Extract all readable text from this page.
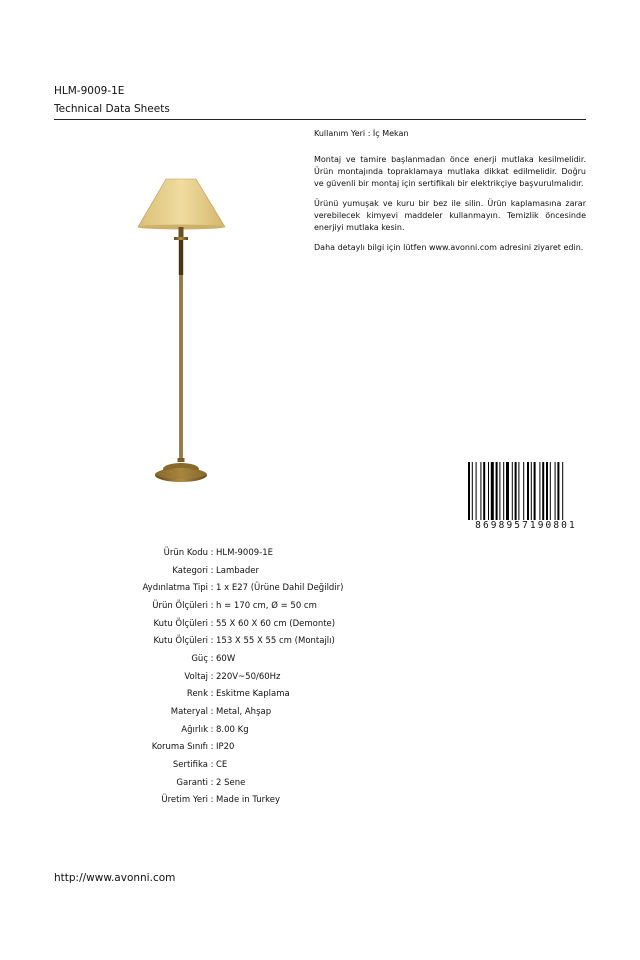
HLM-9009-1E
Technical Data Sheets

Kullanım Yeri : İç Mekan

Montaj ve tamire başlanmadan önce enerji mutlaka kesilmelidir. Ürün montajında topraklamaya mutlaka dikkat edilmelidir. Doğru ve güvenli bir montaj için sertifikalı bir elektrikçiye başvurulmalıdır.

Ürünü yumuşak ve kuru bir bez ile silin. Ürün kaplamasına zarar verebilecek kimyevi maddeler kullanmayın. Temizlik öncesinde enerjiyi mutlaka kesin.

Daha detaylı bilgi için lütfen www.avonni.com adresini ziyaret edin.

8698957190801
Ürün Kodu : HLM-9009-1E
Kategori : Lambader
Aydınlatma Tipi : 1 x E27 (Ürüne Dahil Değildir)
Ürün Ölçüleri : h = 170 cm, Ø = 50 cm
Kutu Ölçüleri : 55 X 60 X 60 cm (Demonte)
Kutu Ölçüleri : 153 X 55 X 55 cm (Montajlı)
Güç : 60W
Voltaj : 220V~50/60Hz
Renk : Eskitme Kaplama
Materyal : Metal, Ahşap
Ağırlık : 8.00 Kg
Koruma Sınıfı : IP20
Sertifika : CE
Garanti : 2 Sene
Üretim Yeri : Made in Turkey
http://www.avonni.com
